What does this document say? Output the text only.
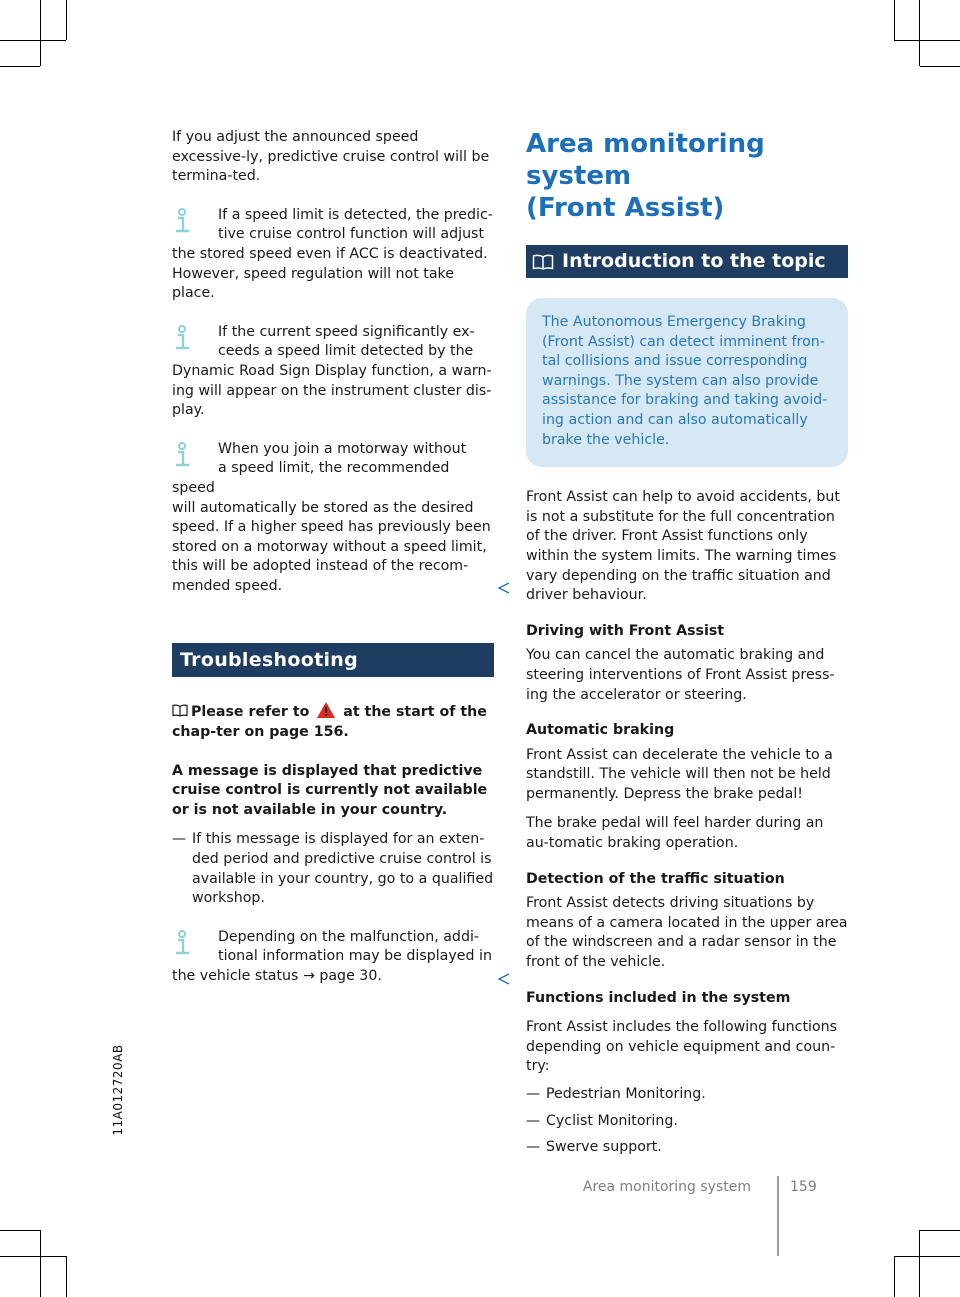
11A012720AB

If you adjust the announced speed excessive-ly, predictive cruise control will be termina-ted.

If a speed limit is detected, the predic-
tive cruise control function will adjust
the stored speed even if ACC is deactivated. However, speed regulation will not take place.

If the current speed significantly ex-
ceeds a speed limit detected by the
Dynamic Road Sign Display function, a warn-ing will appear on the instrument cluster dis-play.

When you join a motorway without
a speed limit, the recommended speed
will automatically be stored as the desired speed. If a higher speed has previously been stored on a motorway without a speed limit, this will be adopted instead of the recom-mended speed.

Troubleshooting

Please refer to at the start of the chap-ter on page 156.

A message is displayed that predictive cruise control is currently not available or is not available in your country.

— If this message is displayed for an exten-ded period and predictive cruise control is available in your country, go to a qualified workshop.

Depending on the malfunction, addi-
tional information may be displayed in
the vehicle status → page 30.

Area monitoring system

(Front Assist)

Introduction to the topic
The Autonomous Emergency Braking (Front Assist) can detect imminent fron-tal collisions and issue corresponding warnings. The system can also provide assistance for braking and taking avoid-ing action and can also automatically brake the vehicle.

Front Assist can help to avoid accidents, but is not a substitute for the full concentration of the driver. Front Assist functions only within the system limits. The warning times vary depending on the traffic situation and driver behaviour.

Driving with Front Assist

You can cancel the automatic braking and steering interventions of Front Assist press-ing the accelerator or steering.

Automatic braking

Front Assist can decelerate the vehicle to a standstill. The vehicle will then not be held permanently. Depress the brake pedal!

The brake pedal will feel harder during an au-tomatic braking operation.

Detection of the traffic situation

Front Assist detects driving situations by means of a camera located in the upper area of the windscreen and a radar sensor in the front of the vehicle.

Functions included in the system

Front Assist includes the following functions depending on vehicle equipment and coun-try:

— Pedestrian Monitoring.
— Cyclist Monitoring.
— Swerve support.
Area monitoring system	159
